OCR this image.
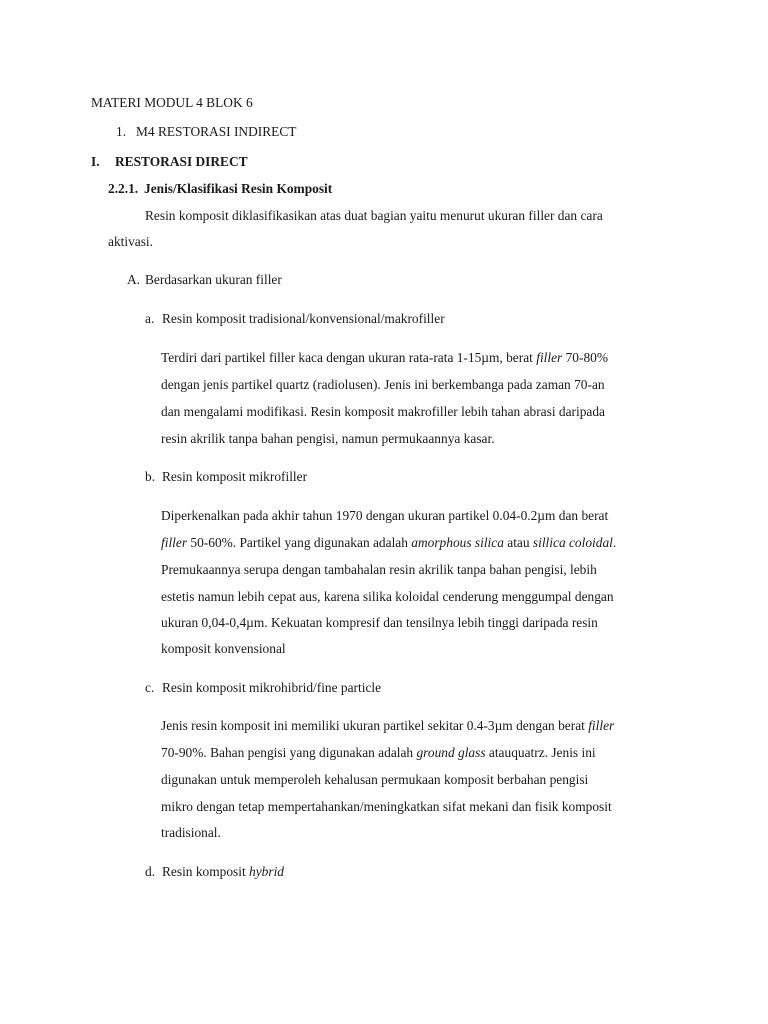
MATERI MODUL 4 BLOK 6
1. M4 RESTORASI INDIRECT
I. RESTORASI DIRECT
2.2.1. Jenis/Klasifikasi Resin Komposit
Resin komposit diklasifikasikan atas duat bagian yaitu menurut ukuran filler dan cara
aktivasi.
A. Berdasarkan ukuran filler
a. Resin komposit tradisional/konvensional/makrofiller
Terdiri dari partikel filler kaca dengan ukuran rata-rata 1-15µm, berat filler 70-80%
dengan jenis partikel quartz (radiolusen). Jenis ini berkembanga pada zaman 70-an
dan mengalami modifikasi. Resin komposit makrofiller lebih tahan abrasi daripada
resin akrilik tanpa bahan pengisi, namun permukaannya kasar.
b. Resin komposit mikrofiller
Diperkenalkan pada akhir tahun 1970 dengan ukuran partikel 0.04-0.2µm dan berat
filler 50-60%. Partikel yang digunakan adalah amorphous silica atau sillica coloidal.
Premukaannya serupa dengan tambahalan resin akrilik tanpa bahan pengisi, lebih
estetis namun lebih cepat aus, karena silika koloidal cenderung menggumpal dengan
ukuran 0,04-0,4µm. Kekuatan kompresif dan tensilnya lebih tinggi daripada resin
komposit konvensional
c. Resin komposit mikrohibrid/fine particle
Jenis resin komposit ini memiliki ukuran partikel sekitar 0.4-3µm dengan berat filler
70-90%. Bahan pengisi yang digunakan adalah ground glass atauquatrz. Jenis ini
digunakan untuk memperoleh kehalusan permukaan komposit berbahan pengisi
mikro dengan tetap mempertahankan/meningkatkan sifat mekani dan fisik komposit
tradisional.
d. Resin komposit hybrid
